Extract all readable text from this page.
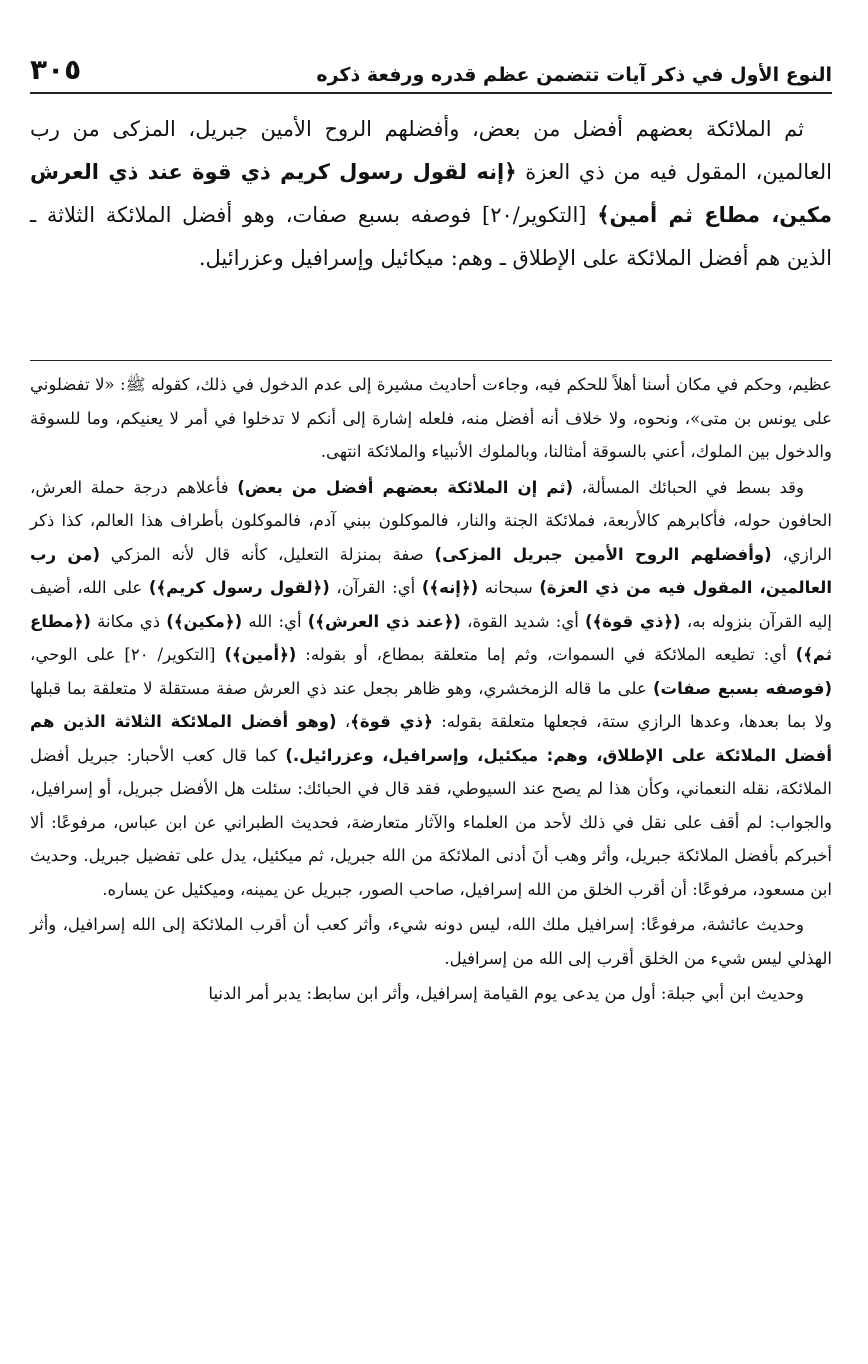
النوع الأول في ذكر آيات تتضمن عظم قدره ورفعة ذكره
٣٠٥

ثم الملائكة بعضهم أفضل من بعض، وأفضلهم الروح الأمين جبريل، المزكى من رب العالمين، المقول فيه من ذي العزة ﴿إنه لقول رسول كريم ذي قوة عند ذي العرش مكين، مطاع ثم أمين﴾ [التكوير/٢٠] فوصفه بسبع صفات، وهو أفضل الملائكة الثلاثة ـ الذين هم أفضل الملائكة على الإطلاق ـ وهم: ميكائيل وإسرافيل وعزرائيل.

عظيم، وحكم في مكان أسنا أهلاً للحكم فيه، وجاءت أحاديث مشيرة إلى عدم الدخول في ذلك، كقوله ﷺ: «لا تفضلوني على يونس بن متى»، ونحوه، ولا خلاف أنه أفضل منه، فلعله إشارة إلى أنكم لا تدخلوا في أمر لا يعنيكم، وما للسوقة والدخول بين الملوك، أعني بالسوقة أمثالنا، وبالملوك الأنبياء والملائكة انتهى.

وقد بسط في الحبائك المسألة، (ثم إن الملائكة بعضهم أفضل من بعض) فأعلاهم درجة حملة العرش، الحافون حوله، فأكابرهم كالأربعة، فملائكة الجنة والنار، فالموكلون ببني آدم، فالموكلون بأطراف هذا العالم، كذا ذكر الرازي، (وأفضلهم الروح الأمين جبريل المزكى) صفة بمنزلة التعليل، كأنه قال لأنه المزكي (من رب العالمين، المقول فيه من ذي العزة) سبحانه (﴿إنه﴾) أي: القرآن، (﴿لقول رسول كريم﴾) على الله، أضيف إليه القرآن بنزوله به، (﴿ذي قوة﴾) أي: شديد القوة، (﴿عند ذي العرش﴾) أي: الله (﴿مكين﴾) ذي مكانة (﴿مطاع ثم﴾) أي: تطيعه الملائكة في السموات، وثم إما متعلقة بمطاع، أو بقوله: (﴿أمين﴾) [التكوير/ ٢٠] على الوحي، (فوصفه بسبع صفات) على ما قاله الزمخشري، وهو ظاهر بجعل عند ذي العرش صفة مستقلة لا متعلقة بما قبلها ولا بما بعدها، وعدها الرازي ستة، فجعلها متعلقة بقوله: ﴿ذي قوة﴾، (وهو أفضل الملائكة الثلاثة الذين هم أفضل الملائكة على الإطلاق، وهم: ميكئيل، وإسرافيل، وعزرائيل.) كما قال كعب الأحبار: جبريل أفضل الملائكة، نقله النعماني، وكأن هذا لم يصح عند السيوطي، فقد قال في الحبائك: سئلت هل الأفضل جبريل، أو إسرافيل، والجواب: لم أقف على نقل في ذلك لأحد من العلماء والآثار متعارضة، فحديث الطبراني عن ابن عباس، مرفوعًا: ألا أخبركم بأفضل الملائكة جبريل، وأثر وهب أنَ أدنى الملائكة من الله جبريل، ثم ميكئيل، يدل على تفضيل جبريل. وحديث ابن مسعود، مرفوعًا: أن أقرب الخلق من الله إسرافيل، صاحب الصور، جبريل عن يمينه، وميكئيل عن يساره.

وحديث عائشة، مرفوعًا: إسرافيل ملك الله، ليس دونه شيء، وأثر كعب أن أقرب الملائكة إلى الله إسرافيل، وأثر الهذلي ليس شيء من الخلق أقرب إلى الله من إسرافيل.

وحديث ابن أبي جبلة: أول من يدعى يوم القيامة إسرافيل، وأثر ابن سابط: يدبر أمر الدنيا
